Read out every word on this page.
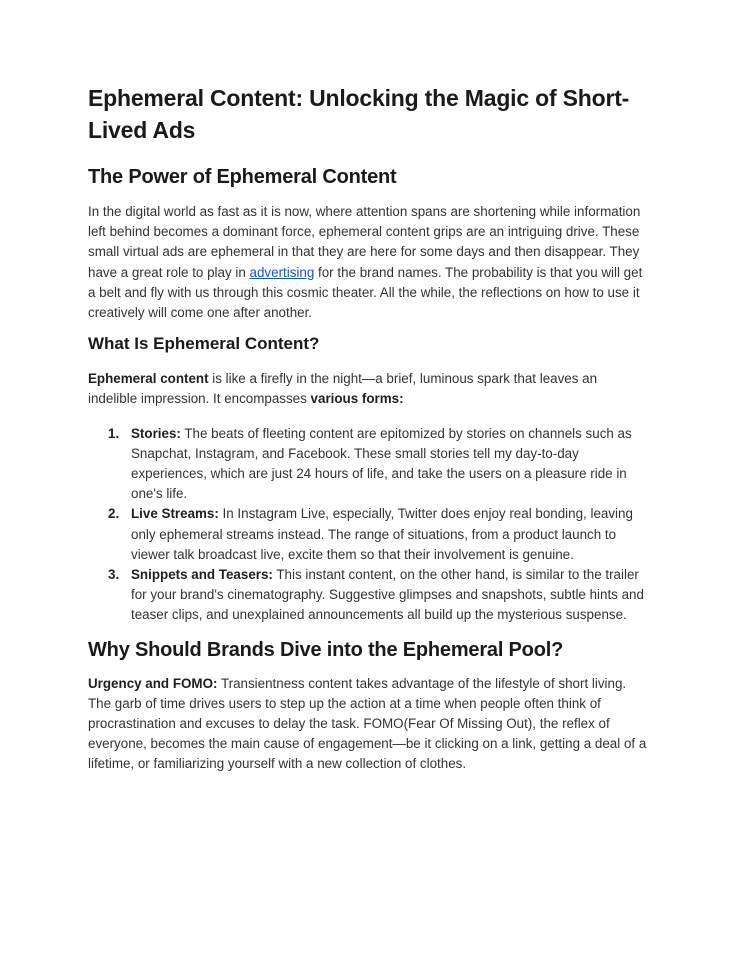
Ephemeral Content: Unlocking the Magic of Short-Lived Ads
The Power of Ephemeral Content

In the digital world as fast as it is now, where attention spans are shortening while information left behind becomes a dominant force, ephemeral content grips are an intriguing drive. These small virtual ads are ephemeral in that they are here for some days and then disappear. They have a great role to play in advertising for the brand names. The probability is that you will get a belt and fly with us through this cosmic theater. All the while, the reflections on how to use it creatively will come one after another.

What Is Ephemeral Content?

Ephemeral content is like a firefly in the night—a brief, luminous spark that leaves an indelible impression. It encompasses various forms:

1. Stories: The beats of fleeting content are epitomized by stories on channels such as Snapchat, Instagram, and Facebook. These small stories tell my day-to-day experiences, which are just 24 hours of life, and take the users on a pleasure ride in one's life.
2. Live Streams: In Instagram Live, especially, Twitter does enjoy real bonding, leaving only ephemeral streams instead. The range of situations, from a product launch to viewer talk broadcast live, excite them so that their involvement is genuine.
3. Snippets and Teasers: This instant content, on the other hand, is similar to the trailer for your brand's cinematography. Suggestive glimpses and snapshots, subtle hints and teaser clips, and unexplained announcements all build up the mysterious suspense.
Why Should Brands Dive into the Ephemeral Pool?

Urgency and FOMO: Transientness content takes advantage of the lifestyle of short living. The garb of time drives users to step up the action at a time when people often think of procrastination and excuses to delay the task. FOMO(Fear Of Missing Out), the reflex of everyone, becomes the main cause of engagement—be it clicking on a link, getting a deal of a lifetime, or familiarizing yourself with a new collection of clothes.
